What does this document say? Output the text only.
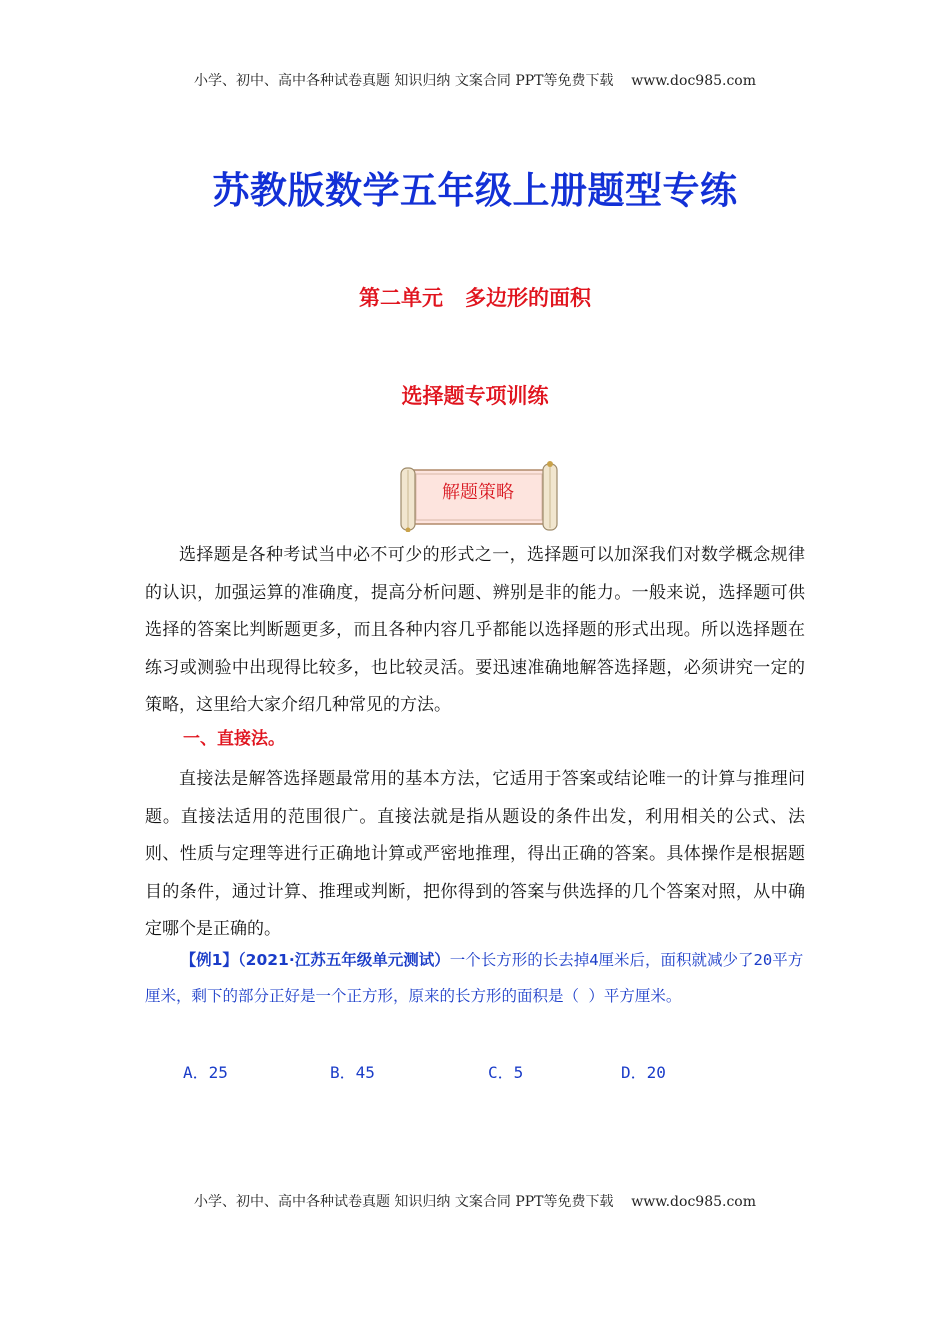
小学、初中、高中各种试卷真题 知识归纳 文案合同 PPT等免费下载    www.doc985.com
苏教版数学五年级上册题型专练
第二单元   多边形的面积
选择题专项训练
解题策略

选择题是各种考试当中必不可少的形式之一，选择题可以加深我们对数学概念规律的认识，加强运算的准确度，提高分析问题、辨别是非的能力。一般来说，选择题可供选择的答案比判断题更多，而且各种内容几乎都能以选择题的形式出现。所以选择题在练习或测验中出现得比较多，也比较灵活。要迅速准确地解答选择题，必须讲究一定的策略，这里给大家介绍几种常见的方法。

一、直接法。

直接法是解答选择题最常用的基本方法，它适用于答案或结论唯一的计算与推理问题。直接法适用的范围很广。直接法就是指从题设的条件出发，利用相关的公式、法则、性质与定理等进行正确地计算或严密地推理，得出正确的答案。具体操作是根据题目的条件，通过计算、推理或判断，把你得到的答案与供选择的几个答案对照，从中确定哪个是正确的。

【例1】（2021·江苏五年级单元测试）一个长方形的长去掉4厘米后，面积就减少了20平方厘米，剩下的部分正好是一个正方形，原来的长方形的面积是（ ）平方厘米。

A．25	B．45	C．5	D．20
小学、初中、高中各种试卷真题 知识归纳 文案合同 PPT等免费下载    www.doc985.com
